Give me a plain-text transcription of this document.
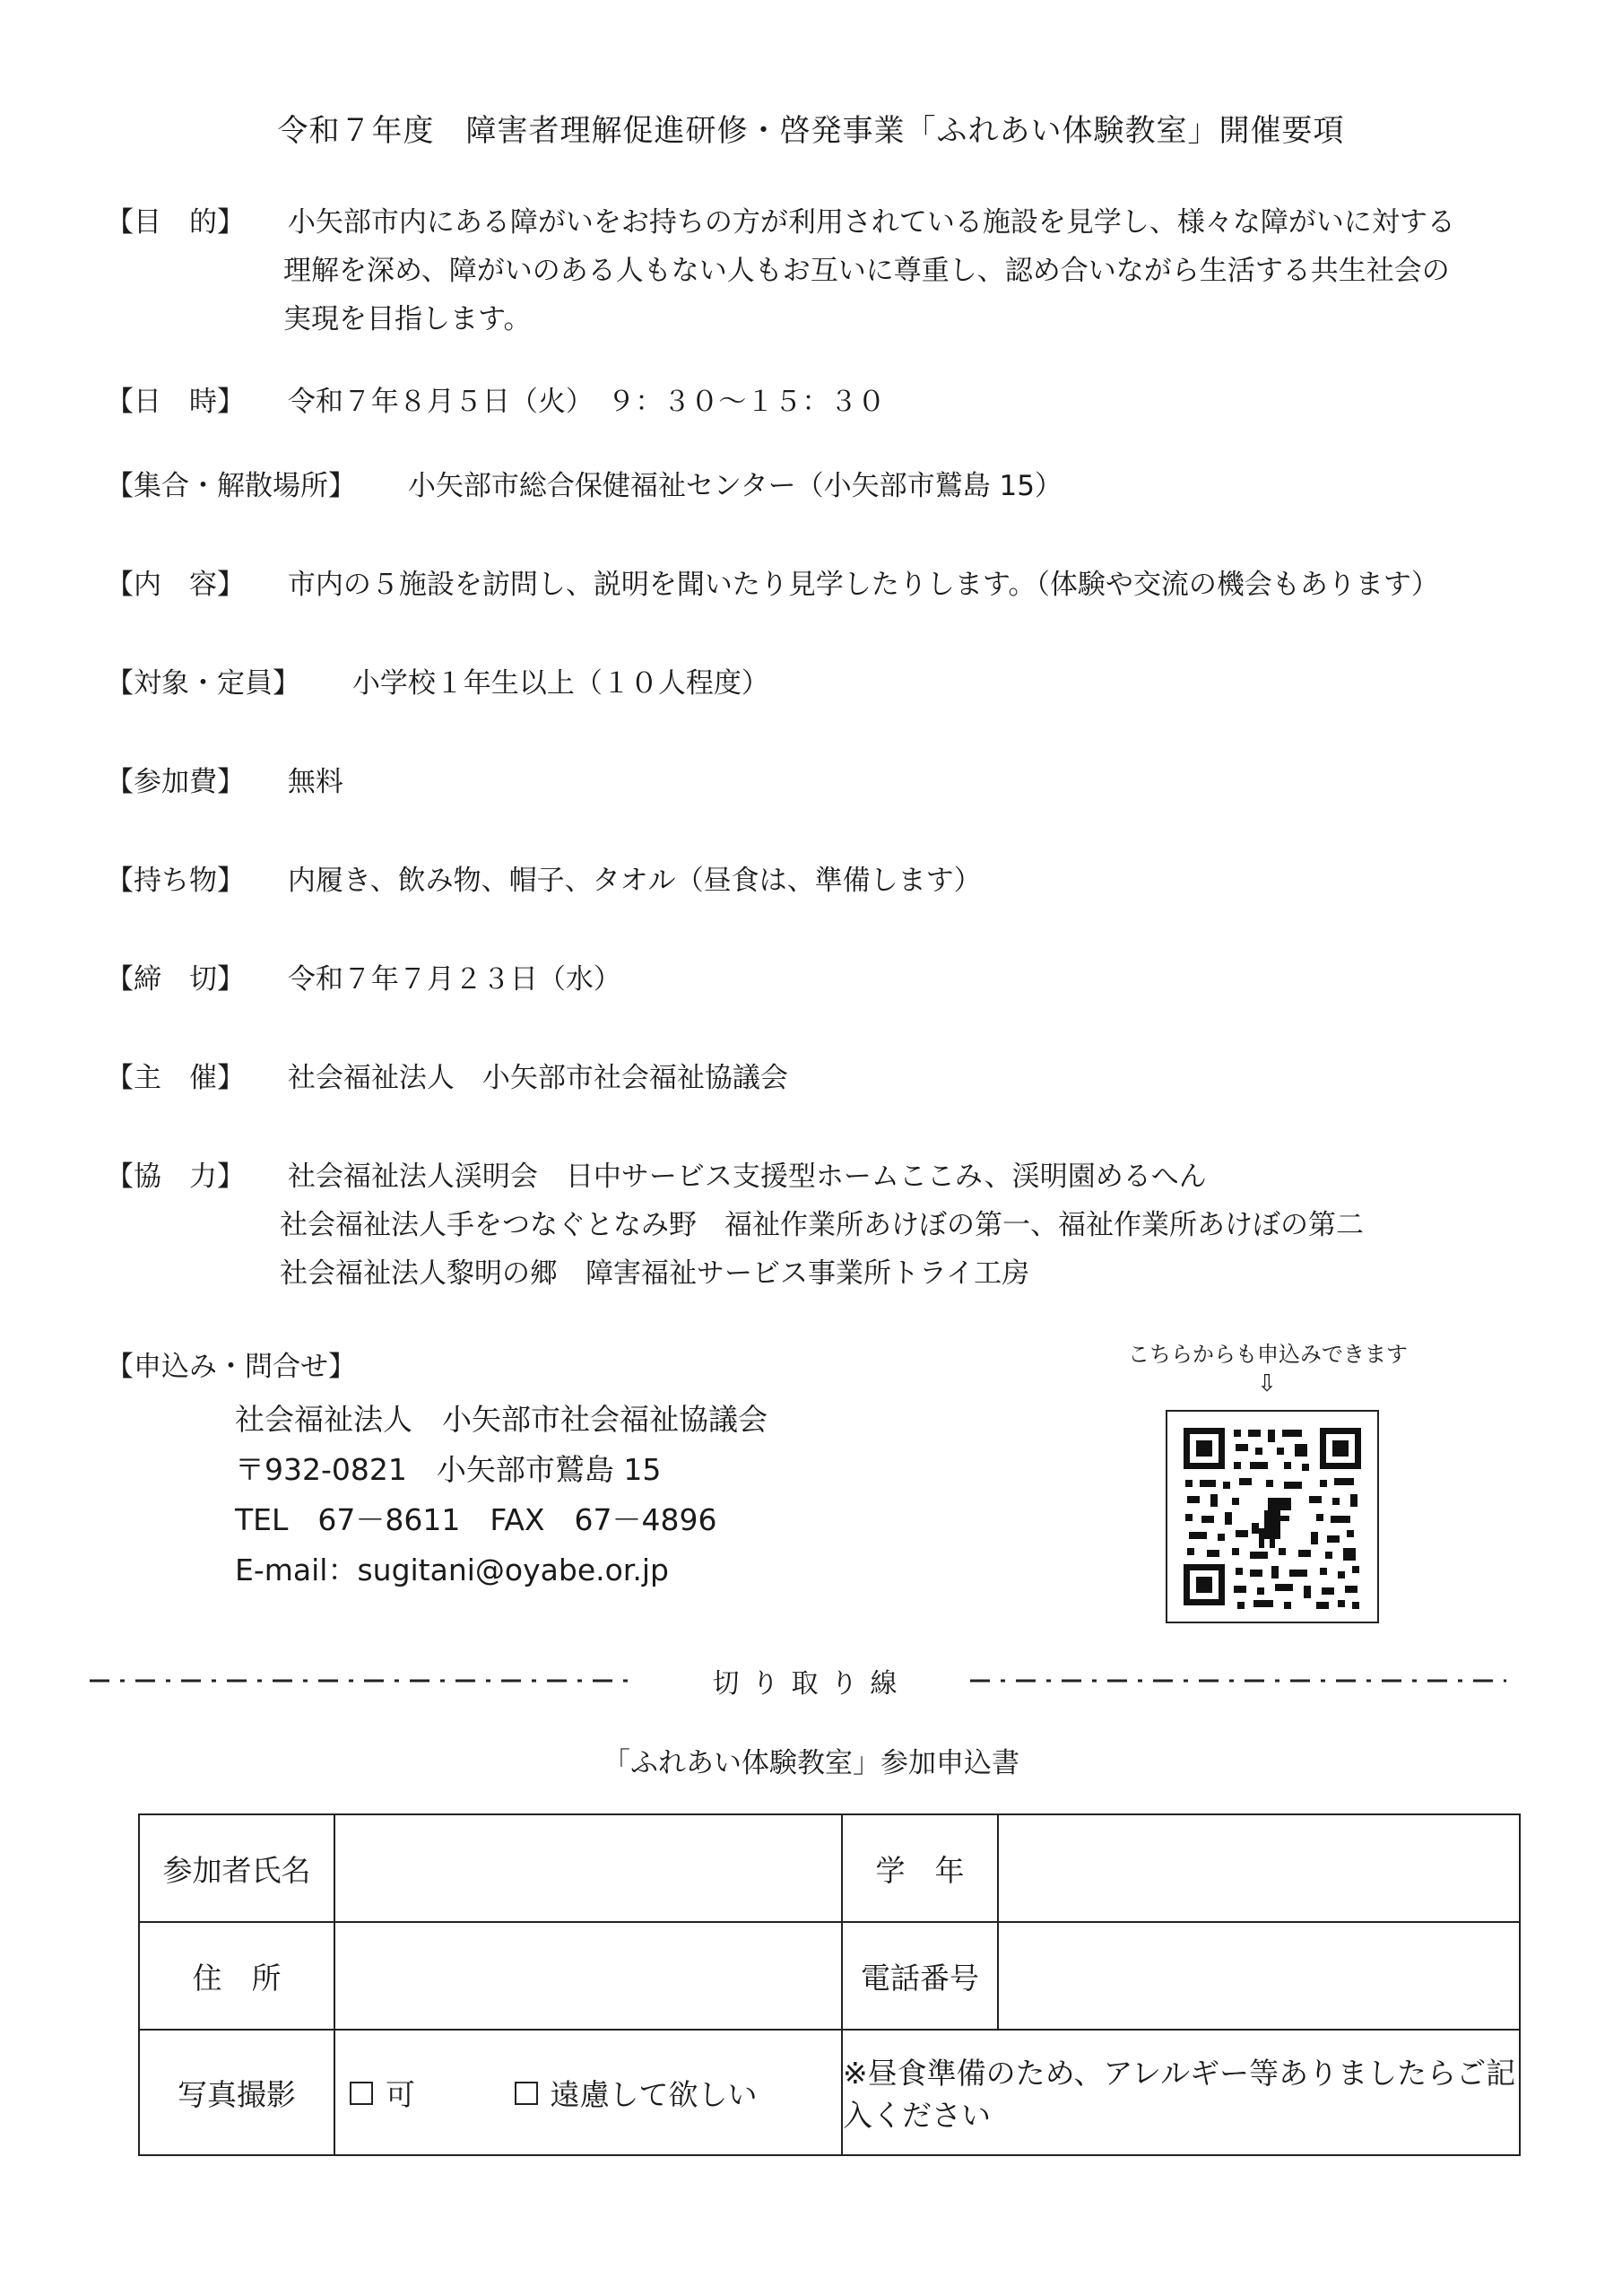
令和７年度　障害者理解促進研修・啓発事業「ふれあい体験教室」開催要項
【目　的】 小矢部市内にある障がいをお持ちの方が利用されている施設を見学し、様々な障がいに対する
理解を深め、障がいのある人もない人もお互いに尊重し、認め合いながら生活する共生社会の
実現を目指します。
【日　時】 令和７年８月５日（火）　９：３０～１５：３０
【集合・解散場所】 小矢部市総合保健福祉センター（小矢部市鷲島 15）
【内　容】 市内の５施設を訪問し、説明を聞いたり見学したりします。（体験や交流の機会もあります）
【対象・定員】 小学校１年生以上（１０人程度）
【参加費】 無料
【持ち物】 内履き、飲み物、帽子、タオル（昼食は、準備します）
【締　切】 令和７年７月２３日（水）
【主　催】 社会福祉法人　小矢部市社会福祉協議会
【協　力】 社会福祉法人渓明会　日中サービス支援型ホームここみ、渓明園めるへん
社会福祉法人手をつなぐとなみ野　福祉作業所あけぼの第一、福祉作業所あけぼの第二
社会福祉法人黎明の郷　障害福祉サービス事業所トライ工房
【申込み・問合せ】
社会福祉法人　小矢部市社会福祉協議会
〒932-0821　小矢部市鷲島 15
TEL　67－8611　FAX　67－4896
E-mail：sugitani@oyabe.or.jp
こちらからも申込みできます
⇩
切り取り線
「ふれあい体験教室」参加申込書
参加者氏名		学　年	
住　所		電話番号	
写真撮影	可 遠慮して欲しい	※昼食準備のため、アレルギー等ありましたらご記入ください	
